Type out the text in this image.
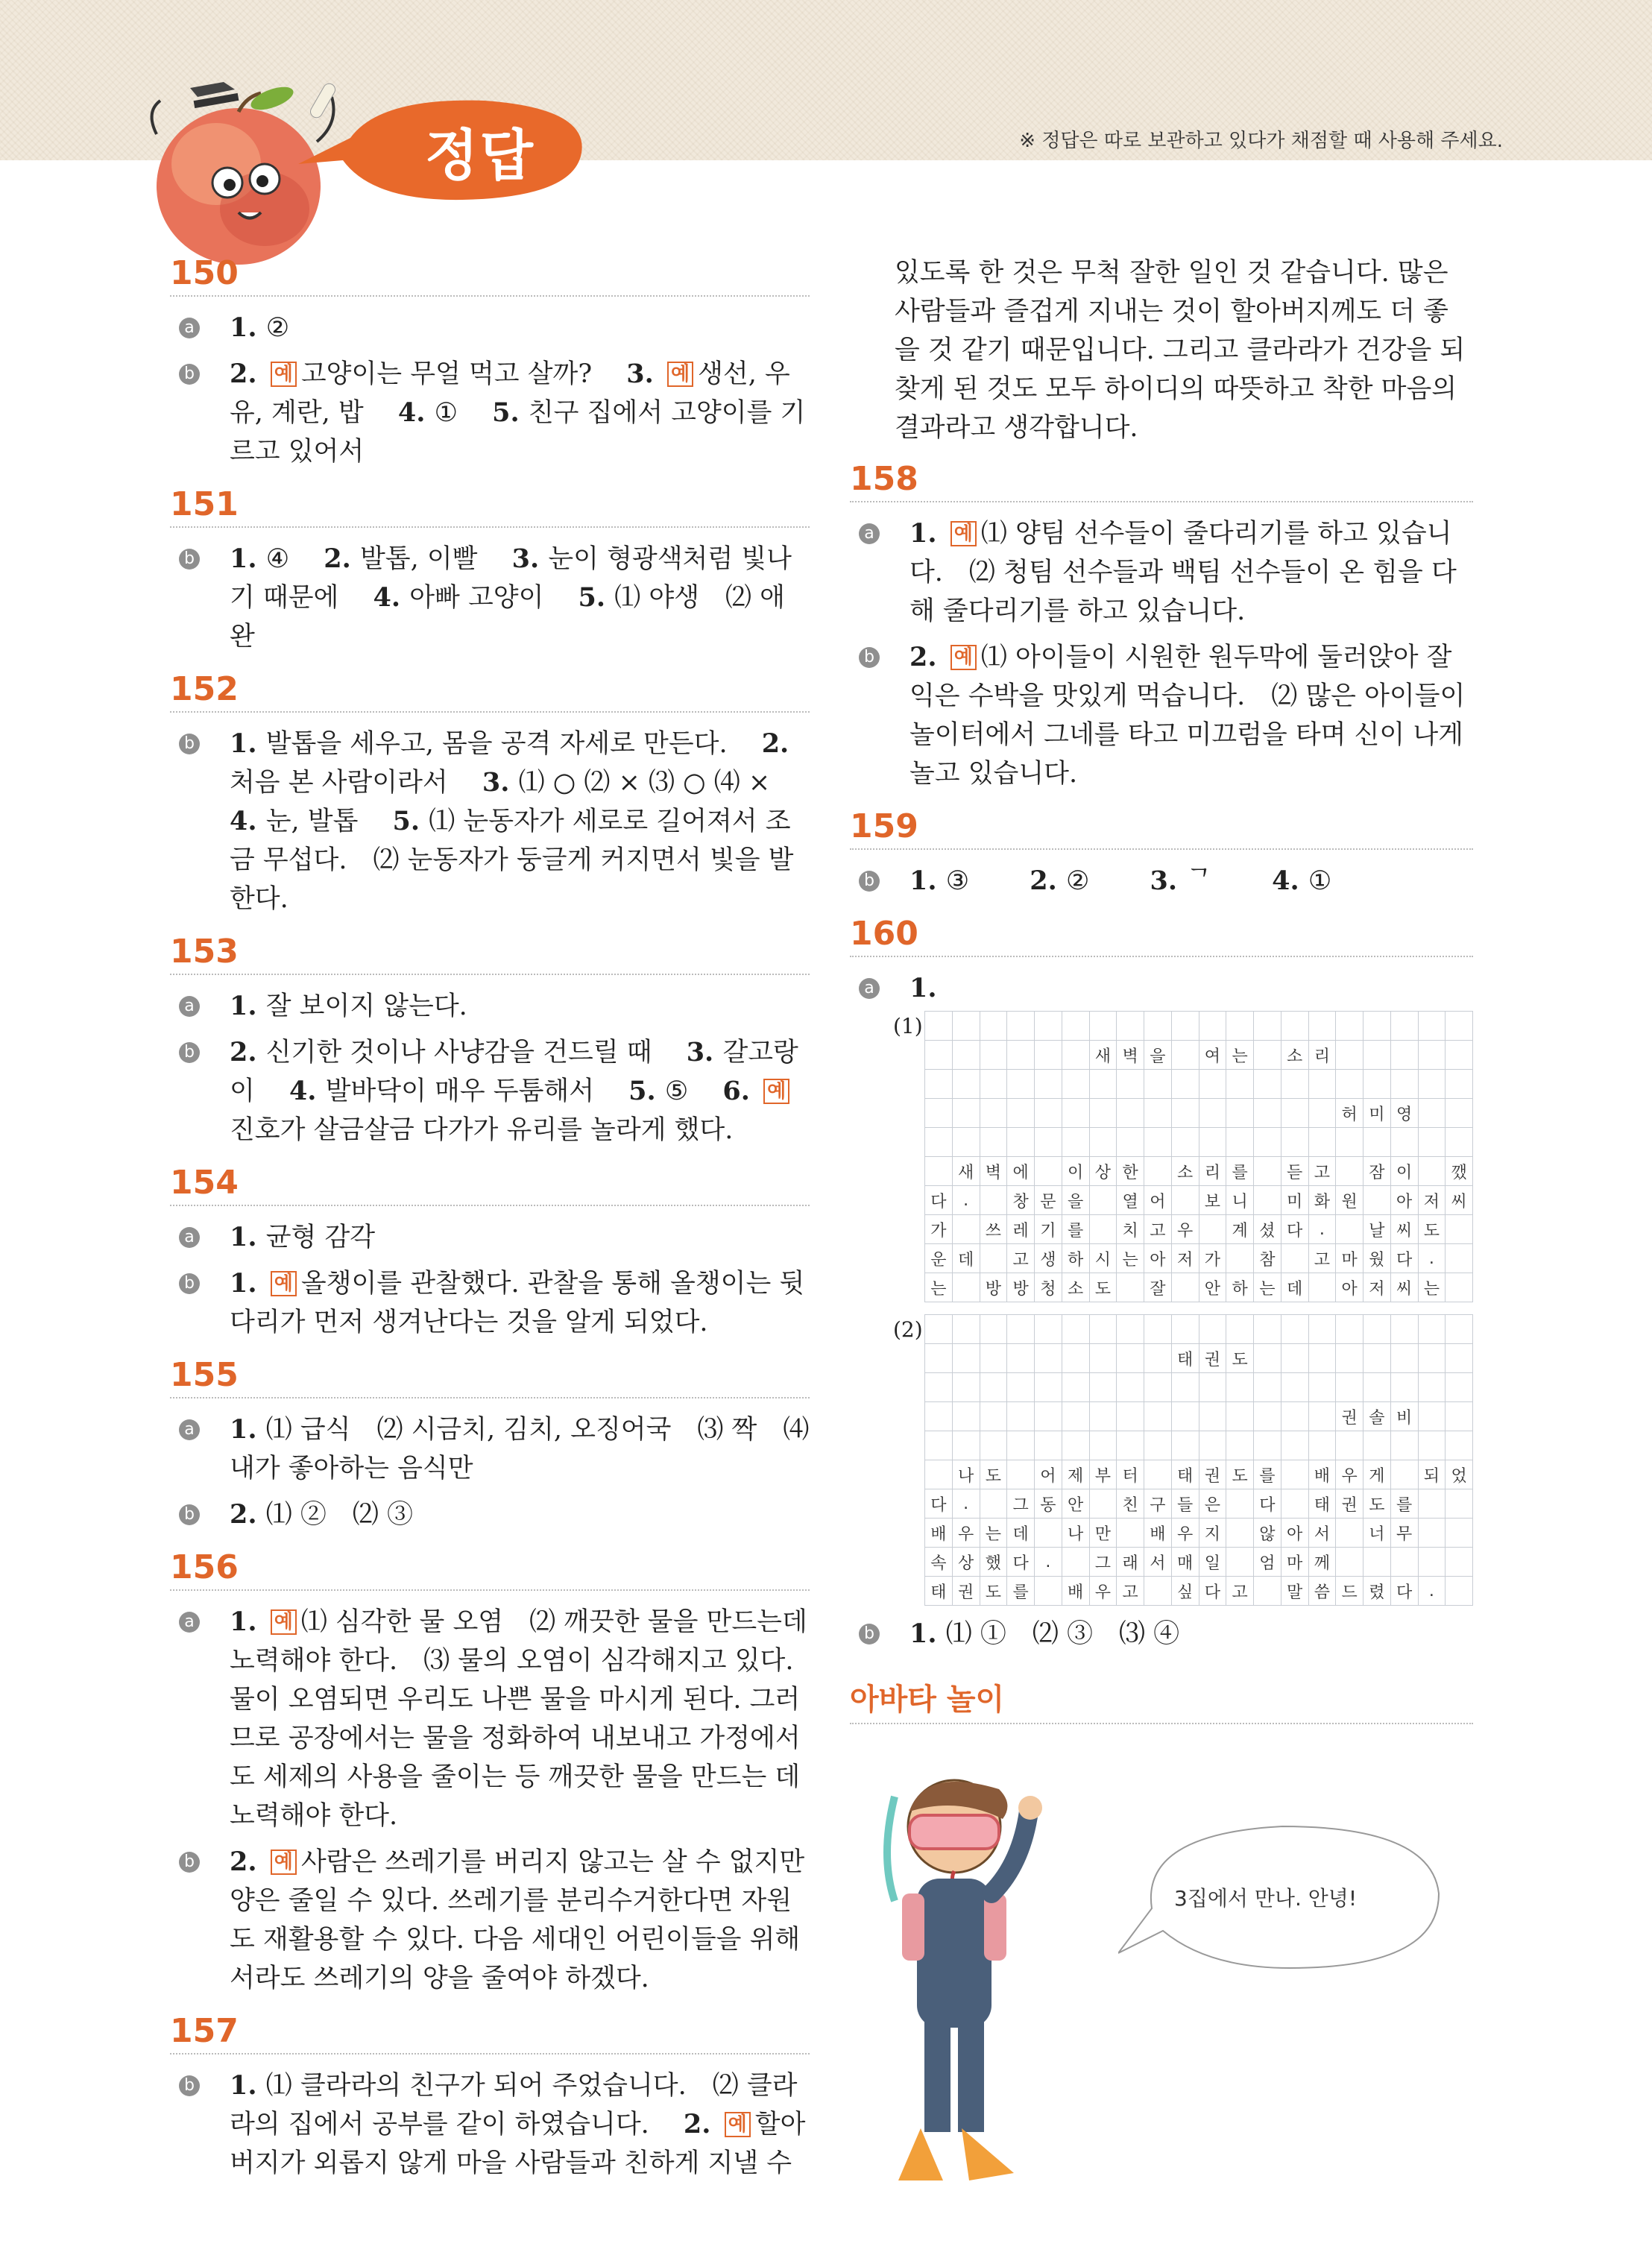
정답	※ 정답은 따로 보관하고 있다가 채점할 때 사용해 주세요.
150
a 1. ②
b 2. 예 고양이는 무얼 먹고 살까?　 3. 예 생선, 우유, 계란, 밥　 4. ①　 5. 친구 집에서 고양이를 기르고 있어서
151
b 1. ④　 2. 발톱, 이빨　 3. 눈이 형광색처럼 빛나기 때문에　 4. 아빠 고양이　 5. ⑴ 야생　⑵ 애완
152
b 1. 발톱을 세우고, 몸을 공격 자세로 만든다.　 2. 처음 본 사람이라서　 3. ⑴ ○ ⑵ × ⑶ ○ ⑷ ×　 4. 눈, 발톱　 5. ⑴ 눈동자가 세로로 길어져서 조금 무섭다.　⑵ 눈동자가 둥글게 커지면서 빛을 발한다.
153
a 1. 잘 보이지 않는다.
b 2. 신기한 것이나 사냥감을 건드릴 때　 3. 갈고랑이　 4. 발바닥이 매우 두툼해서　 5. ⑤　 6. 예진호가 살금살금 다가가 유리를 놀라게 했다.
154
a 1. 균형 감각
b 1. 예 올챙이를 관찰했다. 관찰을 통해 올챙이는 뒷다리가 먼저 생겨난다는 것을 알게 되었다.
155
a 1. ⑴ 급식　⑵ 시금치, 김치, 오징어국　⑶ 짝　⑷ 내가 좋아하는 음식만
b 2. ⑴ ②　⑵ ③
156
a 1. 예 ⑴ 심각한 물 오염　⑵ 깨끗한 물을 만드는데 노력해야 한다.　⑶ 물의 오염이 심각해지고 있다. 물이 오염되면 우리도 나쁜 물을 마시게 된다. 그러므로 공장에서는 물을 정화하여 내보내고 가정에서도 세제의 사용을 줄이는 등 깨끗한 물을 만드는 데 노력해야 한다.
b 2. 예 사람은 쓰레기를 버리지 않고는 살 수 없지만 양은 줄일 수 있다. 쓰레기를 분리수거한다면 자원도 재활용할 수 있다. 다음 세대인 어린이들을 위해 서라도 쓰레기의 양을 줄여야 하겠다.
157
b 1. ⑴ 클라라의 친구가 되어 주었습니다.　⑵ 클라라의 집에서 공부를 같이 하였습니다.　 2. 예 할아버지가 외롭지 않게 마을 사람들과 친하게 지낼 수
있도록 한 것은 무척 잘한 일인 것 같습니다. 많은 사람들과 즐겁게 지내는 것이 할아버지께도 더 좋을 것 같기 때문입니다. 그리고 클라라가 건강을 되찾게 된 것도 모두 하이디의 따뜻하고 착한 마음의 결과라고 생각합니다.
158
a 1. 예 ⑴ 양팀 선수들이 줄다리기를 하고 있습니다.　⑵ 청팀 선수들과 백팀 선수들이 온 힘을 다해 줄다리기를 하고 있습니다.
b 2. 예 ⑴ 아이들이 시원한 원두막에 둘러앉아 잘 익은 수박을 맛있게 먹습니다.　⑵ 많은 아이들이 놀이터에서 그네를 타고 미끄럼을 타며 신이 나게 놀고 있습니다.
159
b 1. ③　　 2. ②　　 3. ᄀ　　 4. ①
160
a 1.
(1)

						새	벽	을		여	는		소	리					

															허	미	영		

	새	벽	에		이	상	한		소	리	를		듣	고		잠	이		깼
다	.		창	문	을		열	어		보	니		미	화	원		아	저	씨
가		쓰	레	기	를		치	고	우		계	셨	다	.		날	씨	도	
운	데		고	생	하	시	는	아	저	가		참		고	마	웠	다	.	
는		방	방	청	소	도		잘		안	하	는	데		아	저	씨	는	
(2)

									태	권	도								

															권	솔	비		

	나	도		어	제	부	터		태	권	도	를		배	우	게		되	었
다	.		그	동	안		친	구	들	은		다		태	권	도	를		
배	우	는	데		나	만		배	우	지		않	아	서		너	무		
속	상	했	다	.		그	래	서	매	일		엄	마	께					
태	권	도	를		배	우	고		싶	다	고		말	씀	드	렸	다	.	
b 1. ⑴ ①　⑵ ③　⑶ ④
아바타 놀이
3집에서 만나. 안녕!
